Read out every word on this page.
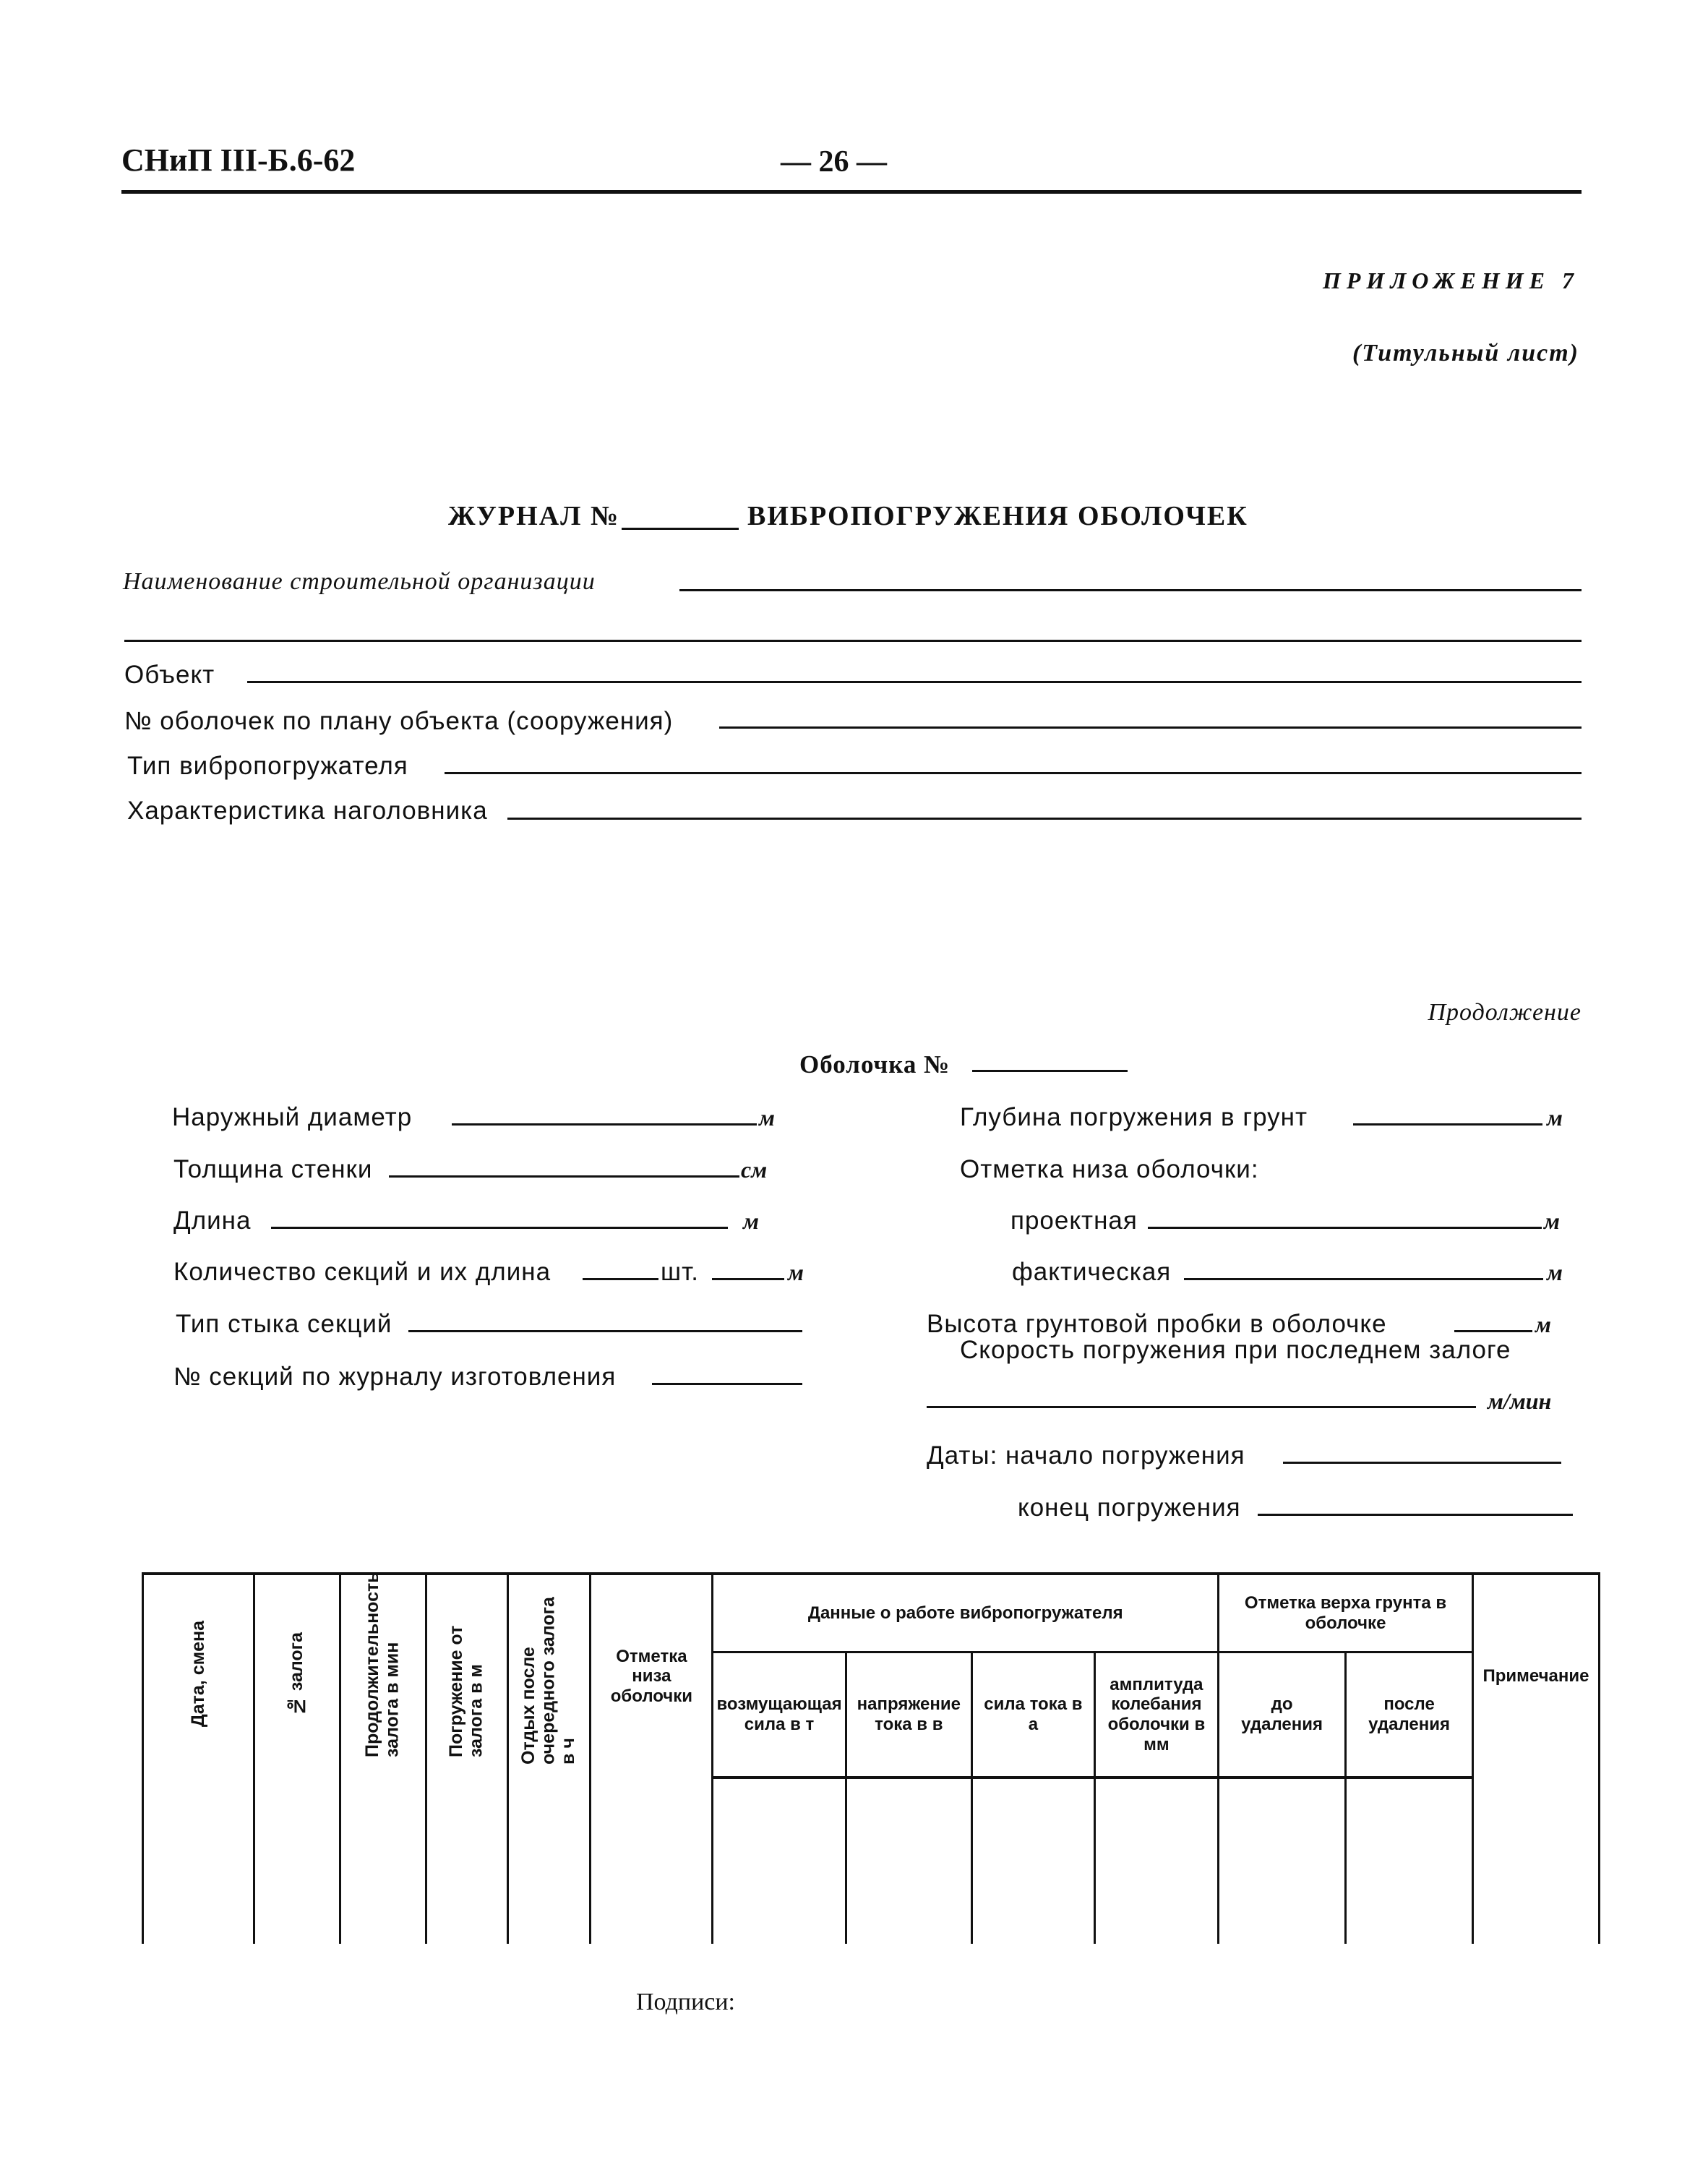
СНиП III-Б.6-62	— 26 —
ПРИЛОЖЕНИЕ 7
(Титульный лист)
ЖУРНАЛ №	ВИБРОПОГРУЖЕНИЯ ОБОЛОЧЕК
Наименование строительной организации
Объект
№ оболочек по плану объекта (сооружения)
Тип вибропогружателя
Характеристика наголовника
Продолжение
Оболочка №
Наружный диаметр	м
Толщина стенки	см
Длина	м
Количество секций и их длина	шт.	м
Тип стыка секций
№ секций по журналу изготовления
Глубина погружения в грунт	м
Отметка низа оболочки:
проектная	м
фактическая	м
Высота грунтовой пробки в оболочке	м
Скорость погружения при последнем залоге
м/мин
Даты: начало погружения
конец погружения
Дата, смена	№ залога	Продолжительность залога в мин	Погружение от залога в м	Отдых после очередного залога в ч	Отметка низа оболочки	Данные о работе вибропогружателя				Отметка верха грунта в оболочке		Примечание
						возмущающая сила в т	напряжение тока в в	сила тока в а	амплитуда колебания оболочки в мм	до удаления	после удаления	

Подписи:
